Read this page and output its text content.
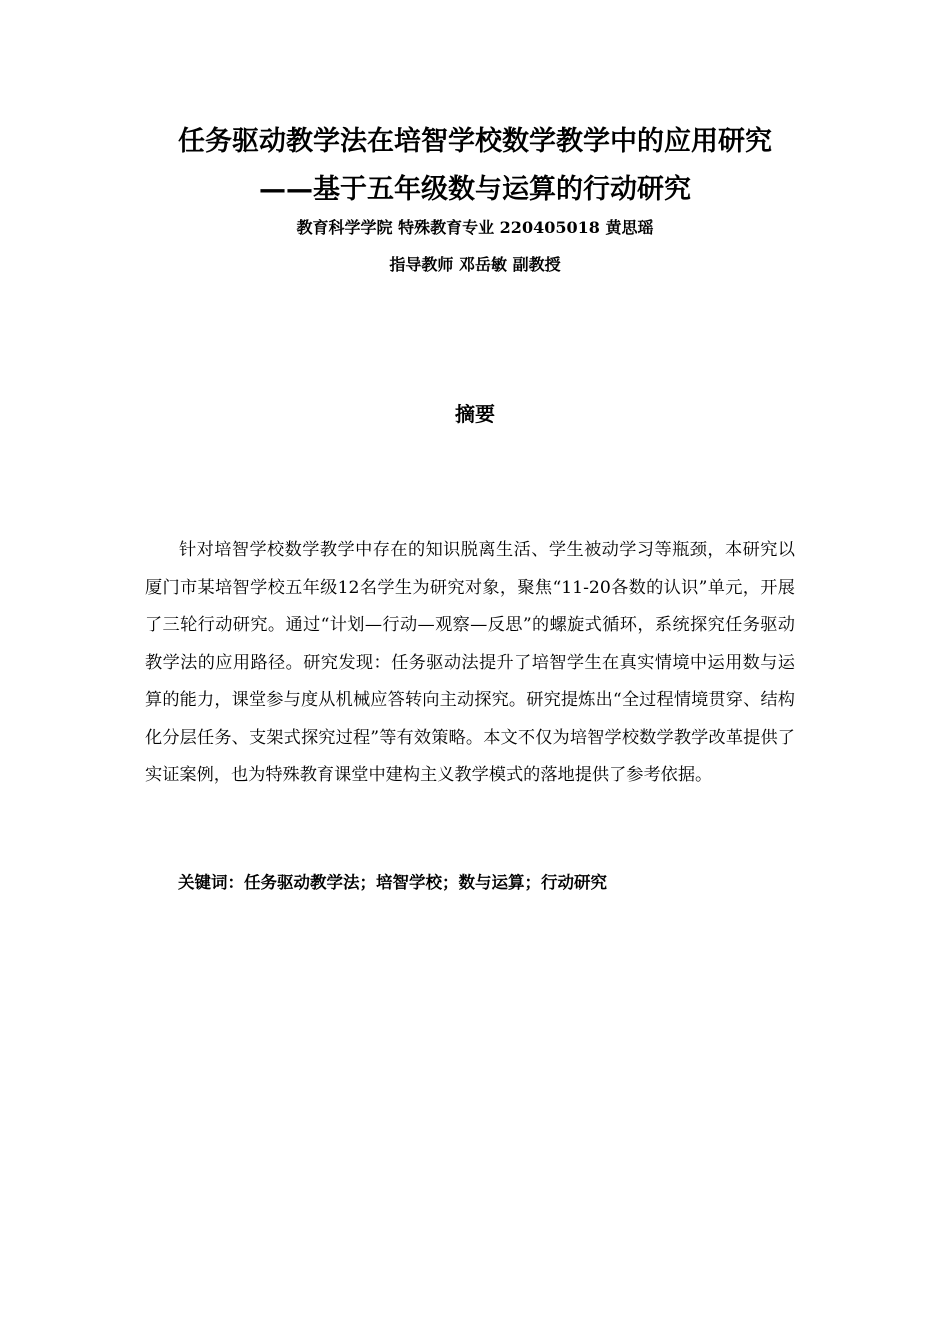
任务驱动教学法在培智学校数学教学中的应用研究
——基于五年级数与运算的行动研究
教育科学学院 特殊教育专业 220405018 黄思瑶
指导教师 邓岳敏 副教授
摘要

针对培智学校数学教学中存在的知识脱离生活、学生被动学习等瓶颈，本研究以厦门市某培智学校五年级12名学生为研究对象，聚焦“11-20各数的认识”单元，开展了三轮行动研究。通过“计划—行动—观察—反思”的螺旋式循环，系统探究任务驱动教学法的应用路径。研究发现：任务驱动法提升了培智学生在真实情境中运用数与运算的能力，课堂参与度从机械应答转向主动探究。研究提炼出“全过程情境贯穿、结构化分层任务、支架式探究过程”等有效策略。本文不仅为培智学校数学教学改革提供了实证案例，也为特殊教育课堂中建构主义教学模式的落地提供了参考依据。

关键词：任务驱动教学法；培智学校；数与运算；行动研究
